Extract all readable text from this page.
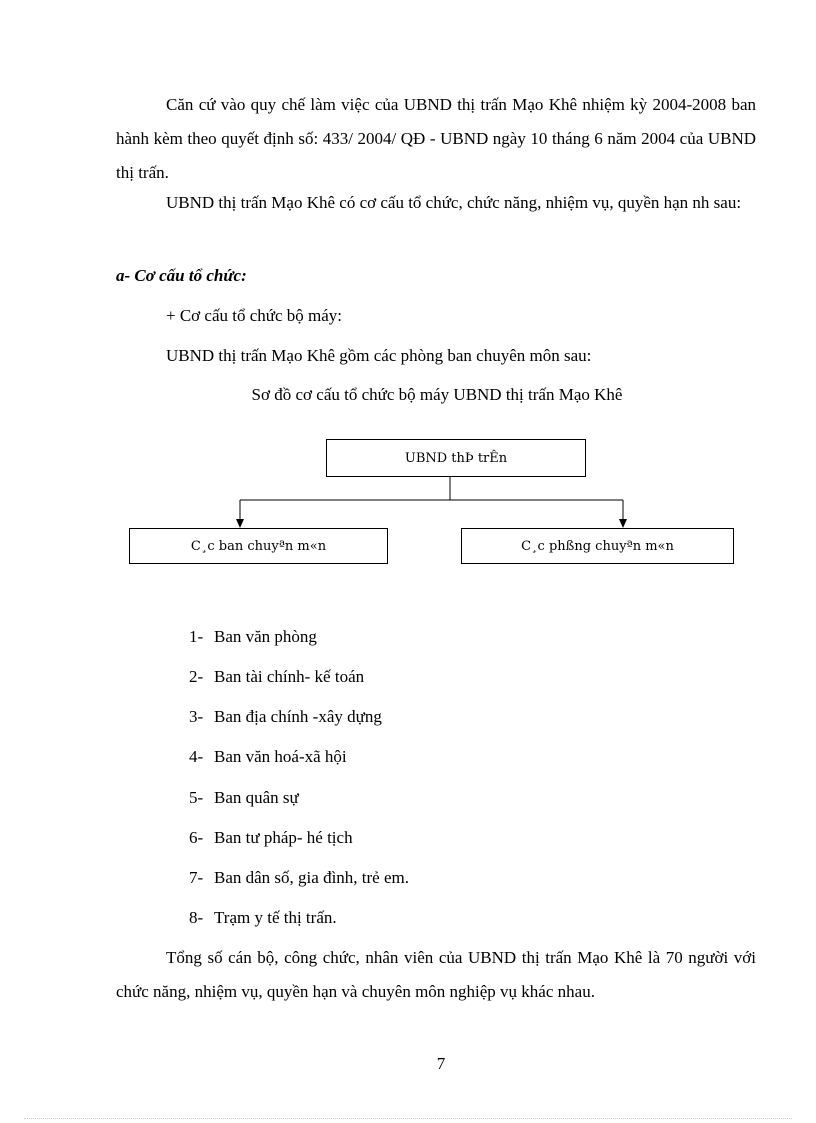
Căn cứ vào quy chế làm việc của UBND thị trấn Mạo Khê nhiệm kỳ 2004-2008 ban hành kèm theo quyết định số: 433/ 2004/ QĐ - UBND ngày 10 tháng 6 năm 2004 của UBND thị trấn.

UBND thị trấn Mạo Khê có cơ cấu tổ chức, chức năng, nhiệm vụ, quyền hạn nh sau:

a- Cơ cấu tổ chức:
+ Cơ cấu tổ chức bộ máy:
UBND thị trấn Mạo Khê gồm các phòng ban chuyên môn sau:
Sơ đồ cơ cấu tổ chức bộ máy UBND thị trấn Mạo Khê
UBND thÞ trÊn
C¸c ban chuyªn m«n	C¸c phßng chuyªn m«n
1- Ban văn phòng
2- Ban tài chính- kế toán
3- Ban địa chính -xây dựng
4- Ban văn hoá-xã hội
5- Ban quân sự
6- Ban tư pháp- hé tịch
7- Ban dân số, gia đình, trẻ em.
8- Trạm y tế thị trấn.

Tổng số cán bộ, công chức, nhân viên của UBND thị trấn Mạo Khê là 70 người với chức năng, nhiệm vụ, quyền hạn và chuyên môn nghiệp vụ khác nhau.

7
